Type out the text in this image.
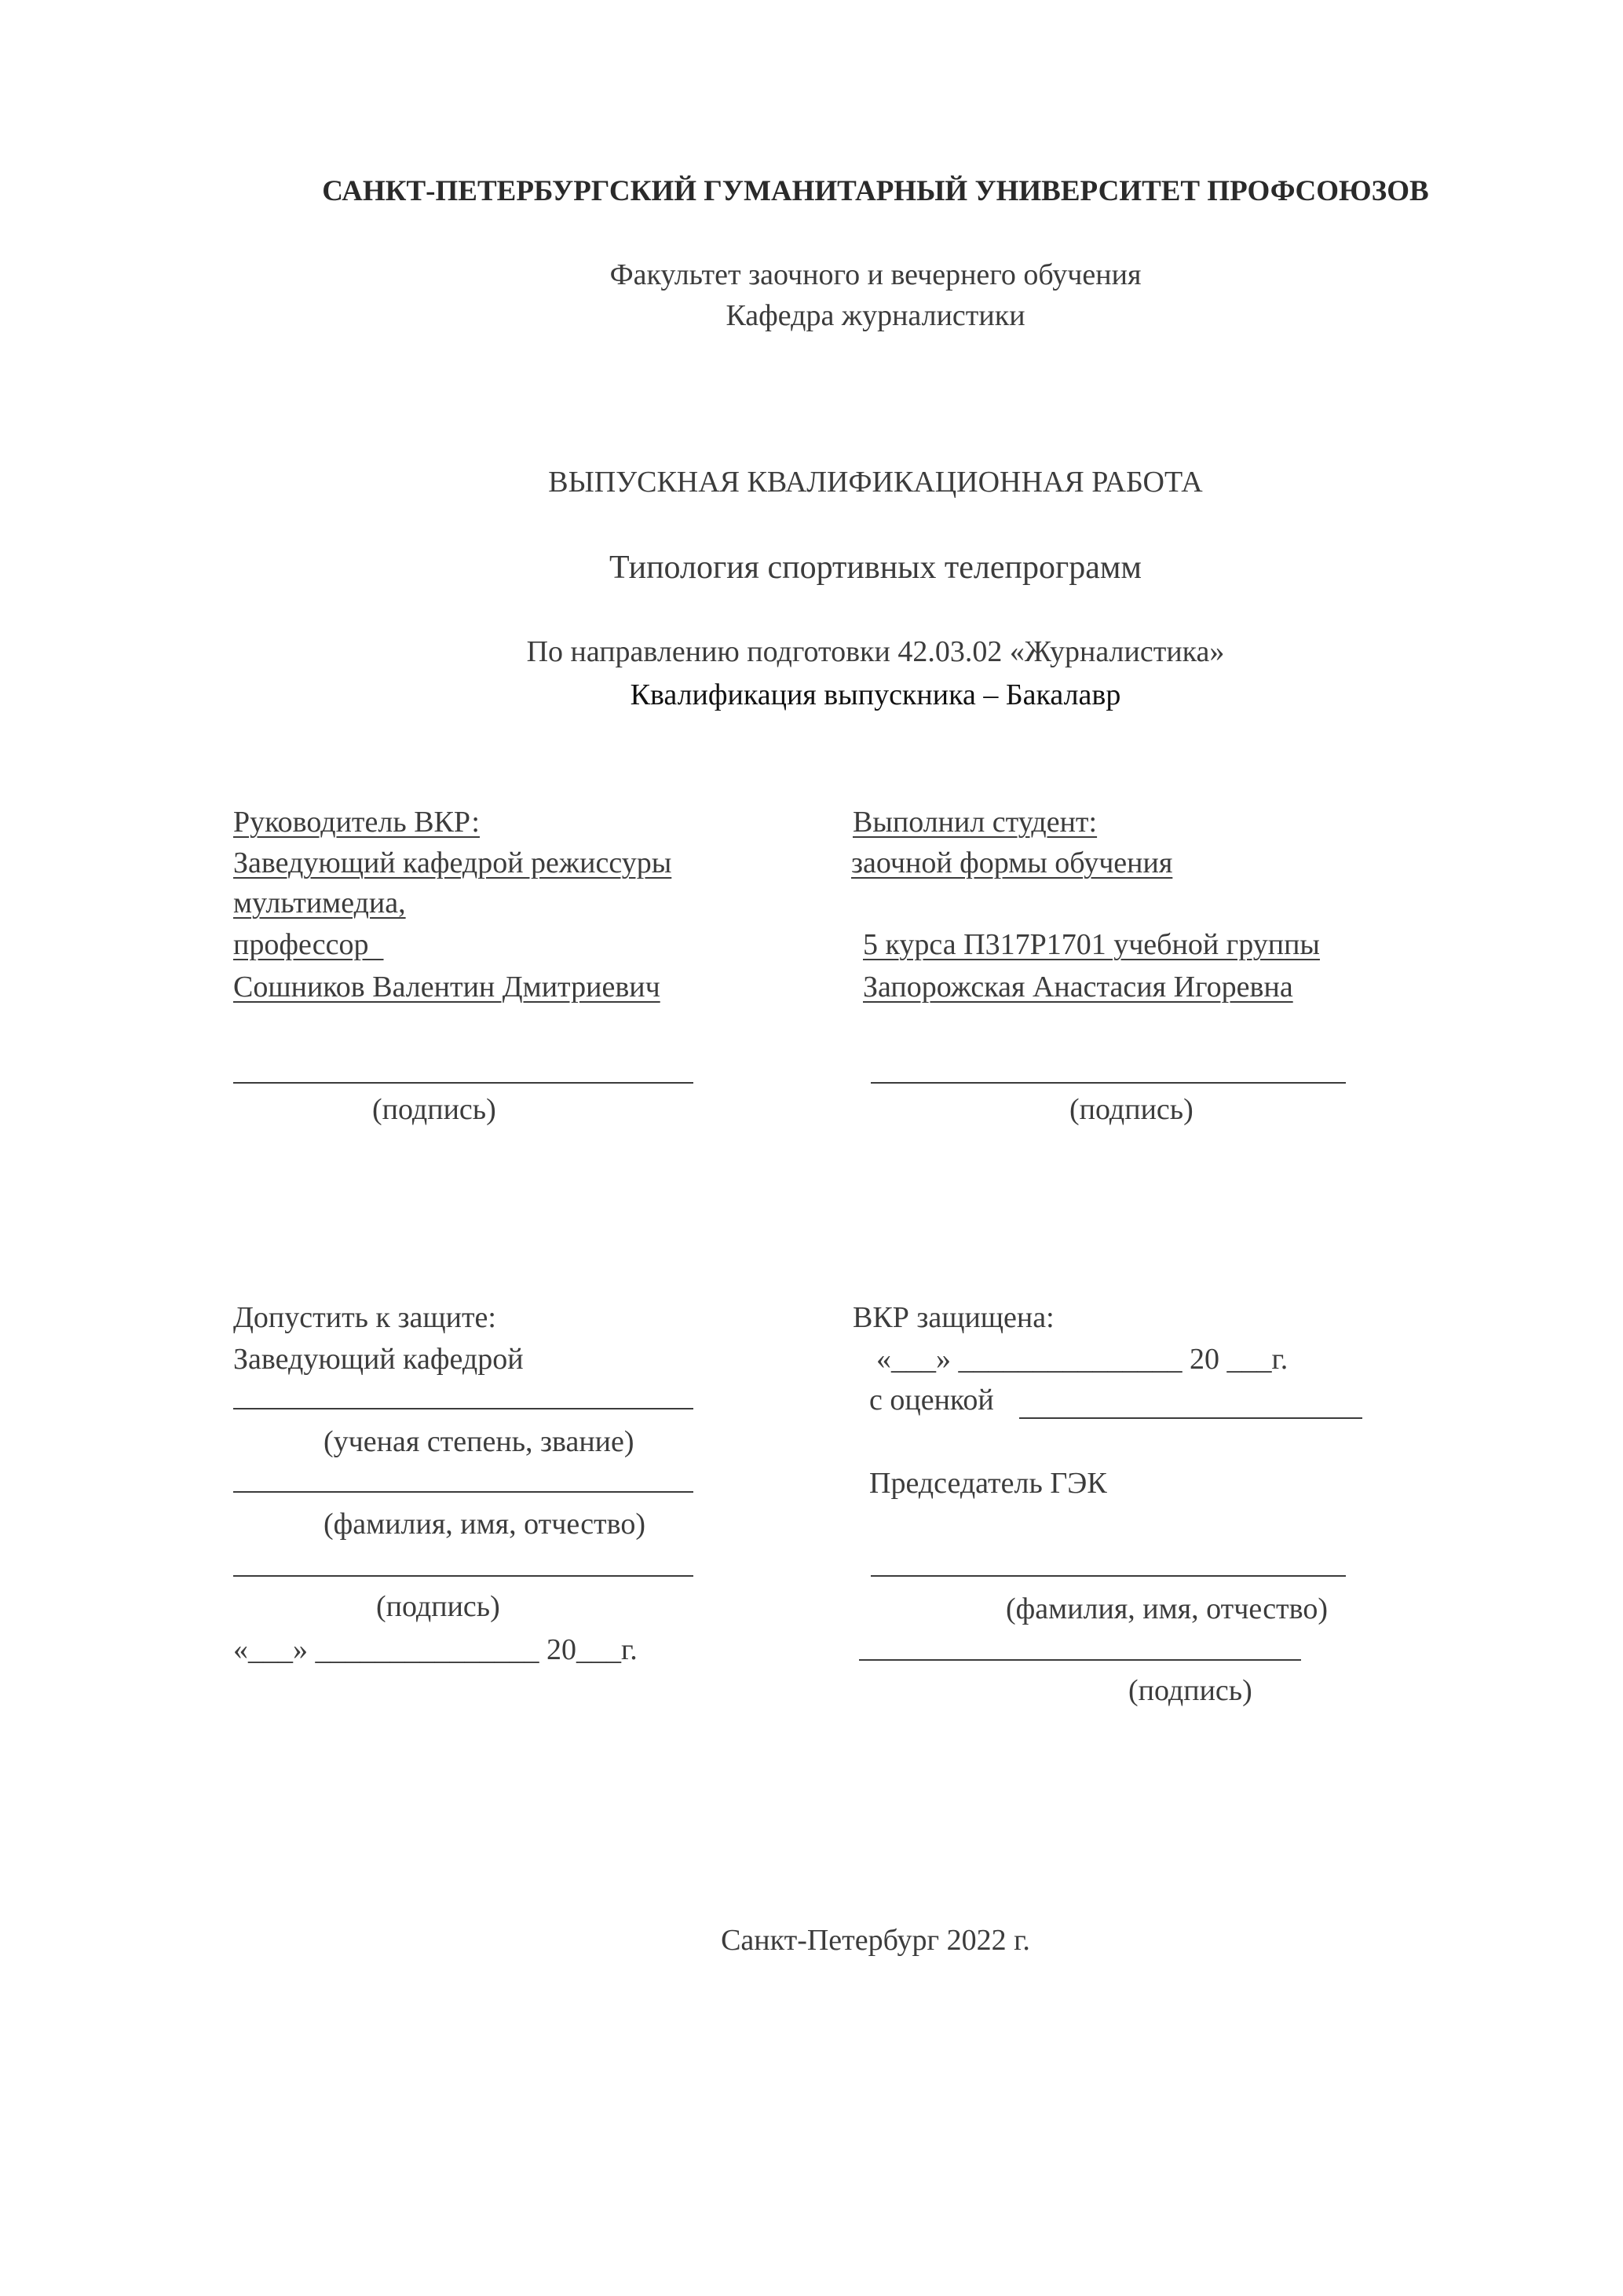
САНКТ-ПЕТЕРБУРГСКИЙ ГУМАНИТАРНЫЙ УНИВЕРСИТЕТ ПРОФСОЮЗОВ
Факультет заочного и вечернего обучения
Кафедра журналистики
ВЫПУСКНАЯ КВАЛИФИКАЦИОННАЯ РАБОТА
Типология спортивных телепрограмм
По направлению подготовки 42.03.02 «Журналистика»
Квалификация выпускника – Бакалавр
Руководитель ВКР:
Заведующий кафедрой режиссуры
мультимедиа,
профессор
Сошников Валентин Дмитриевич
(подпись)
Выполнил студент:
заочной формы обучения
5 курса П317Р1701 учебной группы
Запорожская Анастасия Игоревна
(подпись)
Допустить к защите:
Заведующий кафедрой
(ученая степень, звание)
(фамилия, имя, отчество)
(подпись)
«___» _______________ 20___г.
ВКР защищена:
«___» _______________ 20 ___г.
с оценкой
Председатель ГЭК
(фамилия, имя, отчество)
(подпись)
Санкт-Петербург 2022 г.
